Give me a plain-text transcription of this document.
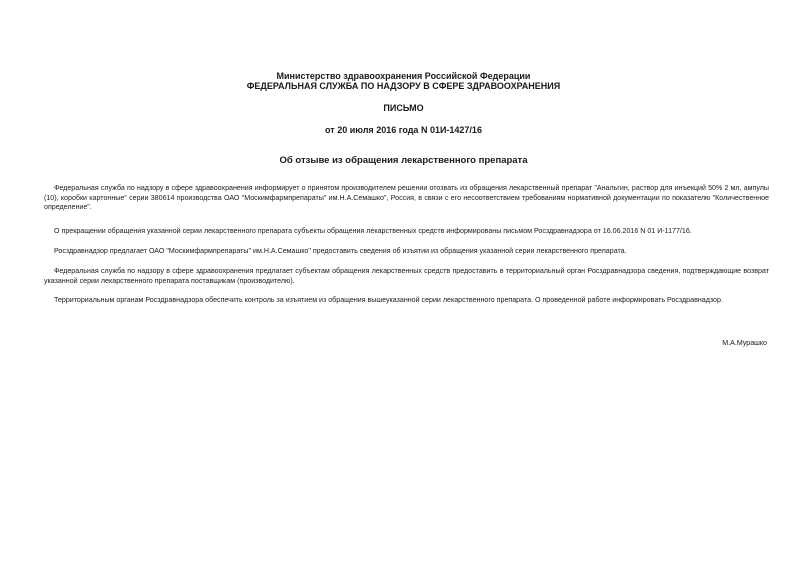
Министерство здравоохранения Российской Федерации
ФЕДЕРАЛЬНАЯ СЛУЖБА ПО НАДЗОРУ В СФЕРЕ ЗДРАВООХРАНЕНИЯ
ПИСЬМО
от 20 июля 2016 года N 01И-1427/16
Об отзыве из обращения лекарственного препарата

Федеральная служба по надзору в сфере здравоохранения информирует о принятом производителем решении отозвать из обращения лекарственный препарат "Анальгин, раствор для инъекций 50% 2 мл, ампулы (10), коробки картонные" серии 380614 производства ОАО "Москимфармпрепараты" им.Н.А.Семашко", Россия, в связи с его несоответствием требованиям нормативной документации по показателю "Количественное определение".

О прекращении обращения указанной серии лекарственного препарата субъекты обращения лекарственных средств информированы письмом Росздравнадзора от 16.06.2016 N 01 И-1177/16.

Росздравнадзор предлагает ОАО "Москимфармпрепараты" им.Н.А.Семашко" предоставить сведения об изъятии из обращения указанной серии лекарственного препарата.

Федеральная служба по надзору в сфере здравоохранения предлагает субъектам обращения лекарственных средств предоставить в территориальный орган Росздравнадзора сведения, подтверждающие возврат указанной серии лекарственного препарата поставщикам (производителю).

Территориальным органам Росздравнадзора обеспечить контроль за изъятием из обращения вышеуказанной серии лекарственного препарата. О проведенной работе информировать Росздравнадзор.

М.А.Мурашко
